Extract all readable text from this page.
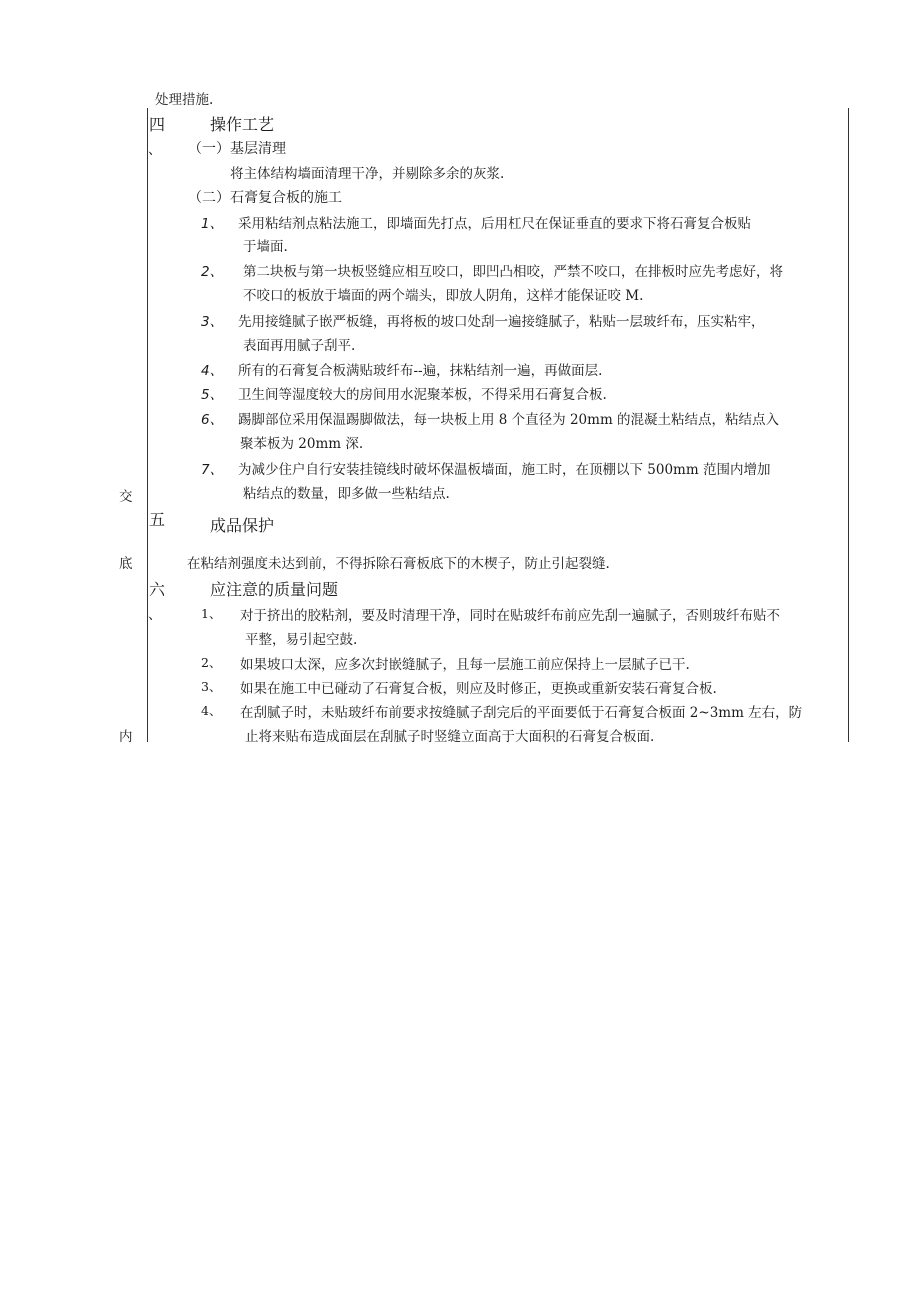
处理措施.
、
交
底
、
内
四	操作工艺
（一）基层清理
将主体结构墙面清理干净，并剔除多余的灰浆.
（二）石膏复合板的施工
1、 采用粘结剂点粘法施工，即墙面先打点，后用杠尺在保证垂直的要求下将石膏复合板贴
于墙面.
2、 第二块板与第一块板竖缝应相互咬口，即凹凸相咬，严禁不咬口，在排板时应先考虑好，将
不咬口的板放于墙面的两个端头，即放人阴角，这样才能保证咬 M.
3、 先用接缝腻子嵌严板缝，再将板的坡口处刮一遍接缝腻子，粘贴一层玻纤布，压实粘牢，
表面再用腻子刮平.
4、 所有的石膏复合板满贴玻纤布--遍，抹粘结剂一遍，再做面层.
5、 卫生间等湿度较大的房间用水泥聚苯板，不得采用石膏复合板.
6、 踢脚部位采用保温踢脚做法，每一块板上用 8 个直径为 20mm 的混凝土粘结点，粘结点入
聚苯板为 20mm 深.
7、 为减少住户自行安装挂镜线时破坏保温板墙面，施工时，在顶棚以下 500mm 范围内增加
粘结点的数量，即多做一些粘结点.
五	成品保护
在粘结剂强度未达到前，不得拆除石膏板底下的木楔子，防止引起裂缝.
六	应注意的质量问题
1、 对于挤出的胶粘剂，要及时清理干净，同时在贴玻纤布前应先刮一遍腻子，否则玻纤布贴不
平整，易引起空鼓.
2、 如果坡口太深，应多次封嵌缝腻子，且每一层施工前应保持上一层腻子已干.
3、 如果在施工中已碰动了石膏复合板，则应及时修正，更换或重新安装石膏复合板.
4、 在刮腻子时，未贴玻纤布前要求按缝腻子刮完后的平面要低于石膏复合板面 2~3mm 左右，防
止将来贴布造成面层在刮腻子时竖缝立面高于大面积的石膏复合板面.
